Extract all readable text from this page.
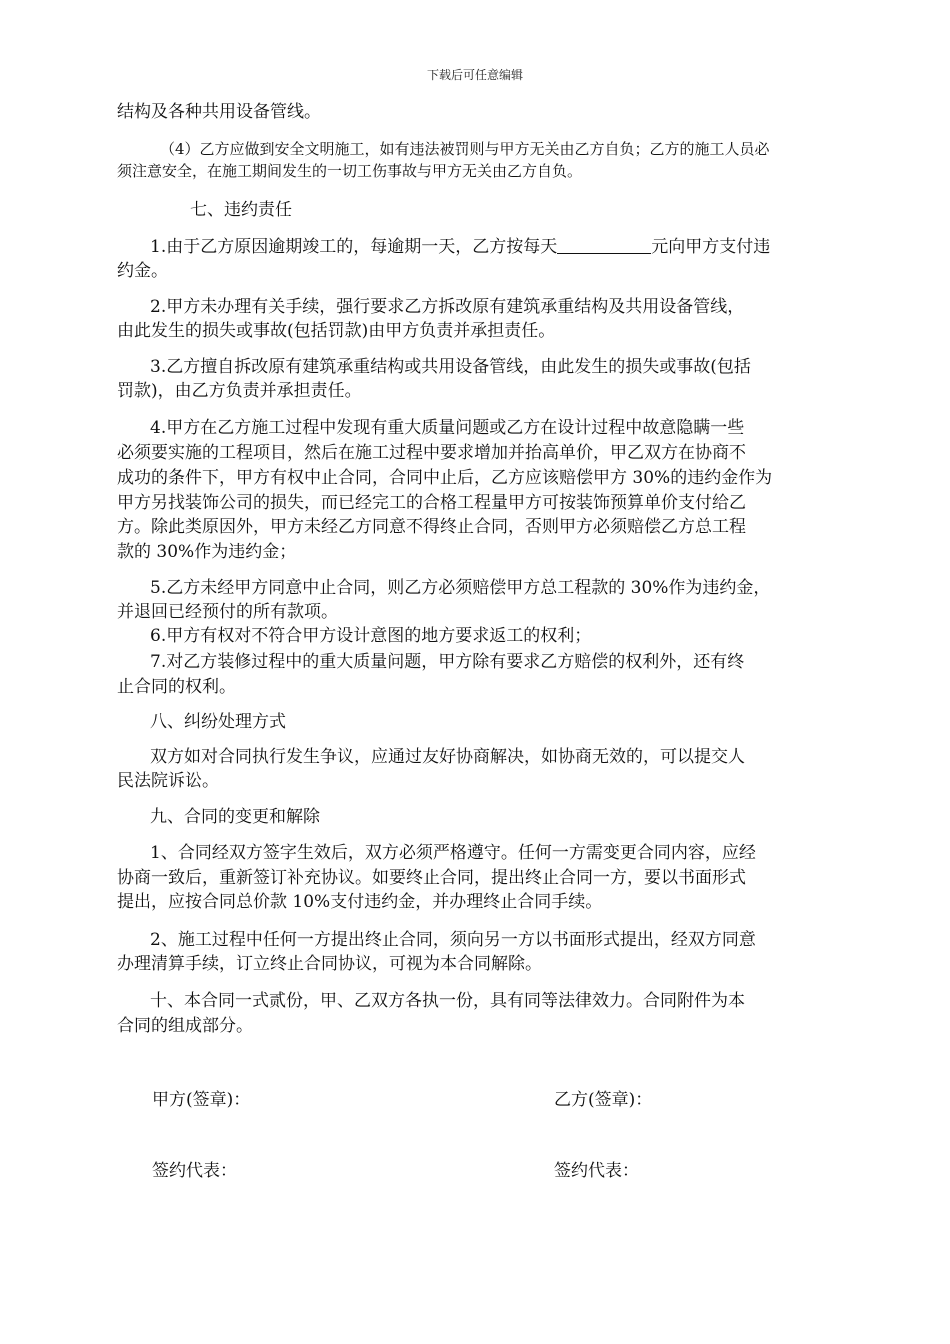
下载后可任意编辑
结构及各种共用设备管线。
（4）乙方应做到安全文明施工，如有违法被罚则与甲方无关由乙方自负；乙方的施工人员必
须注意安全，在施工期间发生的一切工伤事故与甲方无关由乙方自负。
七、违约责任
1.由于乙方原因逾期竣工的，每逾期一天，乙方按每天	元向甲方支付违
约金。
2.甲方未办理有关手续，强行要求乙方拆改原有建筑承重结构及共用设备管线，
由此发生的损失或事故(包括罚款)由甲方负责并承担责任。
3.乙方擅自拆改原有建筑承重结构或共用设备管线，由此发生的损失或事故(包括
罚款)，由乙方负责并承担责任。
4.甲方在乙方施工过程中发现有重大质量问题或乙方在设计过程中故意隐瞒一些
必须要实施的工程项目，然后在施工过程中要求增加并抬高单价，甲乙双方在协商不
成功的条件下，甲方有权中止合同，合同中止后，乙方应该赔偿甲方 30%的违约金作为
甲方另找装饰公司的损失，而已经完工的合格工程量甲方可按装饰预算单价支付给乙
方。除此类原因外，甲方未经乙方同意不得终止合同，否则甲方必须赔偿乙方总工程
款的 30%作为违约金；
5.乙方未经甲方同意中止合同，则乙方必须赔偿甲方总工程款的 30%作为违约金，
并退回已经预付的所有款项。
6.甲方有权对不符合甲方设计意图的地方要求返工的权利；
7.对乙方装修过程中的重大质量问题，甲方除有要求乙方赔偿的权利外，还有终
止合同的权利。
八、纠纷处理方式
双方如对合同执行发生争议，应通过友好协商解决，如协商无效的，可以提交人
民法院诉讼。
九、合同的变更和解除
1、合同经双方签字生效后，双方必须严格遵守。任何一方需变更合同内容，应经
协商一致后，重新签订补充协议。如要终止合同，提出终止合同一方，要以书面形式
提出，应按合同总价款 10%支付违约金，并办理终止合同手续。
2、施工过程中任何一方提出终止合同，须向另一方以书面形式提出，经双方同意
办理清算手续，订立终止合同协议，可视为本合同解除。
十、本合同一式贰份，甲、乙双方各执一份，具有同等法律效力。合同附件为本
合同的组成部分。
甲方(签章)：	乙方(签章)：
签约代表：	签约代表：
